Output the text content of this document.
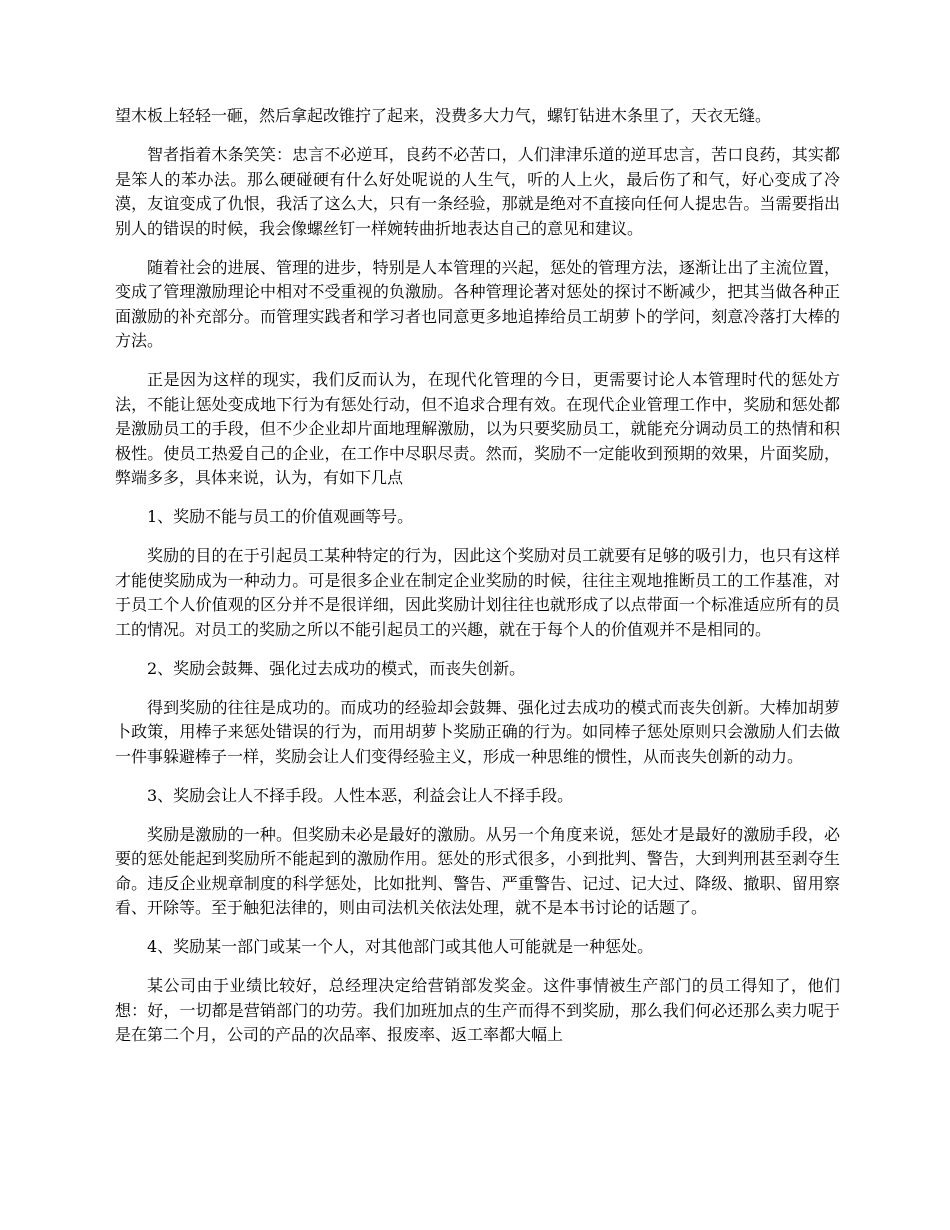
望木板上轻轻一砸，然后拿起改锥拧了起来，没费多大力气，螺钉钻进木条里了，天衣无缝。

智者指着木条笑笑：忠言不必逆耳，良药不必苦口，人们津津乐道的逆耳忠言，苦口良药，其实都是笨人的苯办法。那么硬碰硬有什么好处呢说的人生气，听的人上火，最后伤了和气，好心变成了冷漠，友谊变成了仇恨，我活了这么大，只有一条经验，那就是绝对不直接向任何人提忠告。当需要指出别人的错误的时候，我会像螺丝钉一样婉转曲折地表达自己的意见和建议。

随着社会的进展、管理的进步，特别是人本管理的兴起，惩处的管理方法，逐渐让出了主流位置，变成了管理激励理论中相对不受重视的负激励。各种管理论著对惩处的探讨不断减少，把其当做各种正面激励的补充部分。而管理实践者和学习者也同意更多地追捧给员工胡萝卜的学问，刻意冷落打大棒的方法。

正是因为这样的现实，我们反而认为，在现代化管理的今日，更需要讨论人本管理时代的惩处方法，不能让惩处变成地下行为有惩处行动，但不追求合理有效。在现代企业管理工作中，奖励和惩处都是激励员工的手段，但不少企业却片面地理解激励，以为只要奖励员工，就能充分调动员工的热情和积极性。使员工热爱自己的企业，在工作中尽职尽责。然而，奖励不一定能收到预期的效果，片面奖励，弊端多多，具体来说，认为，有如下几点

1、奖励不能与员工的价值观画等号。

奖励的目的在于引起员工某种特定的行为，因此这个奖励对员工就要有足够的吸引力，也只有这样才能使奖励成为一种动力。可是很多企业在制定企业奖励的时候，往往主观地推断员工的工作基准，对于员工个人价值观的区分并不是很详细，因此奖励计划往往也就形成了以点带面一个标准适应所有的员工的情况。对员工的奖励之所以不能引起员工的兴趣，就在于每个人的价值观并不是相同的。

2、奖励会鼓舞、强化过去成功的模式，而丧失创新。

得到奖励的往往是成功的。而成功的经验却会鼓舞、强化过去成功的模式而丧失创新。大棒加胡萝卜政策，用棒子来惩处错误的行为，而用胡萝卜奖励正确的行为。如同棒子惩处原则只会激励人们去做一件事躲避棒子一样，奖励会让人们变得经验主义，形成一种思维的惯性，从而丧失创新的动力。

3、奖励会让人不择手段。人性本恶，利益会让人不择手段。

奖励是激励的一种。但奖励未必是最好的激励。从另一个角度来说，惩处才是最好的激励手段，必要的惩处能起到奖励所不能起到的激励作用。惩处的形式很多，小到批判、警告，大到判刑甚至剥夺生命。违反企业规章制度的科学惩处，比如批判、警告、严重警告、记过、记大过、降级、撤职、留用察看、开除等。至于触犯法律的，则由司法机关依法处理，就不是本书讨论的话题了。

4、奖励某一部门或某一个人，对其他部门或其他人可能就是一种惩处。

某公司由于业绩比较好，总经理决定给营销部发奖金。这件事情被生产部门的员工得知了，他们想：好，一切都是营销部门的功劳。我们加班加点的生产而得不到奖励，那么我们何必还那么卖力呢于是在第二个月，公司的产品的次品率、报废率、返工率都大幅上
